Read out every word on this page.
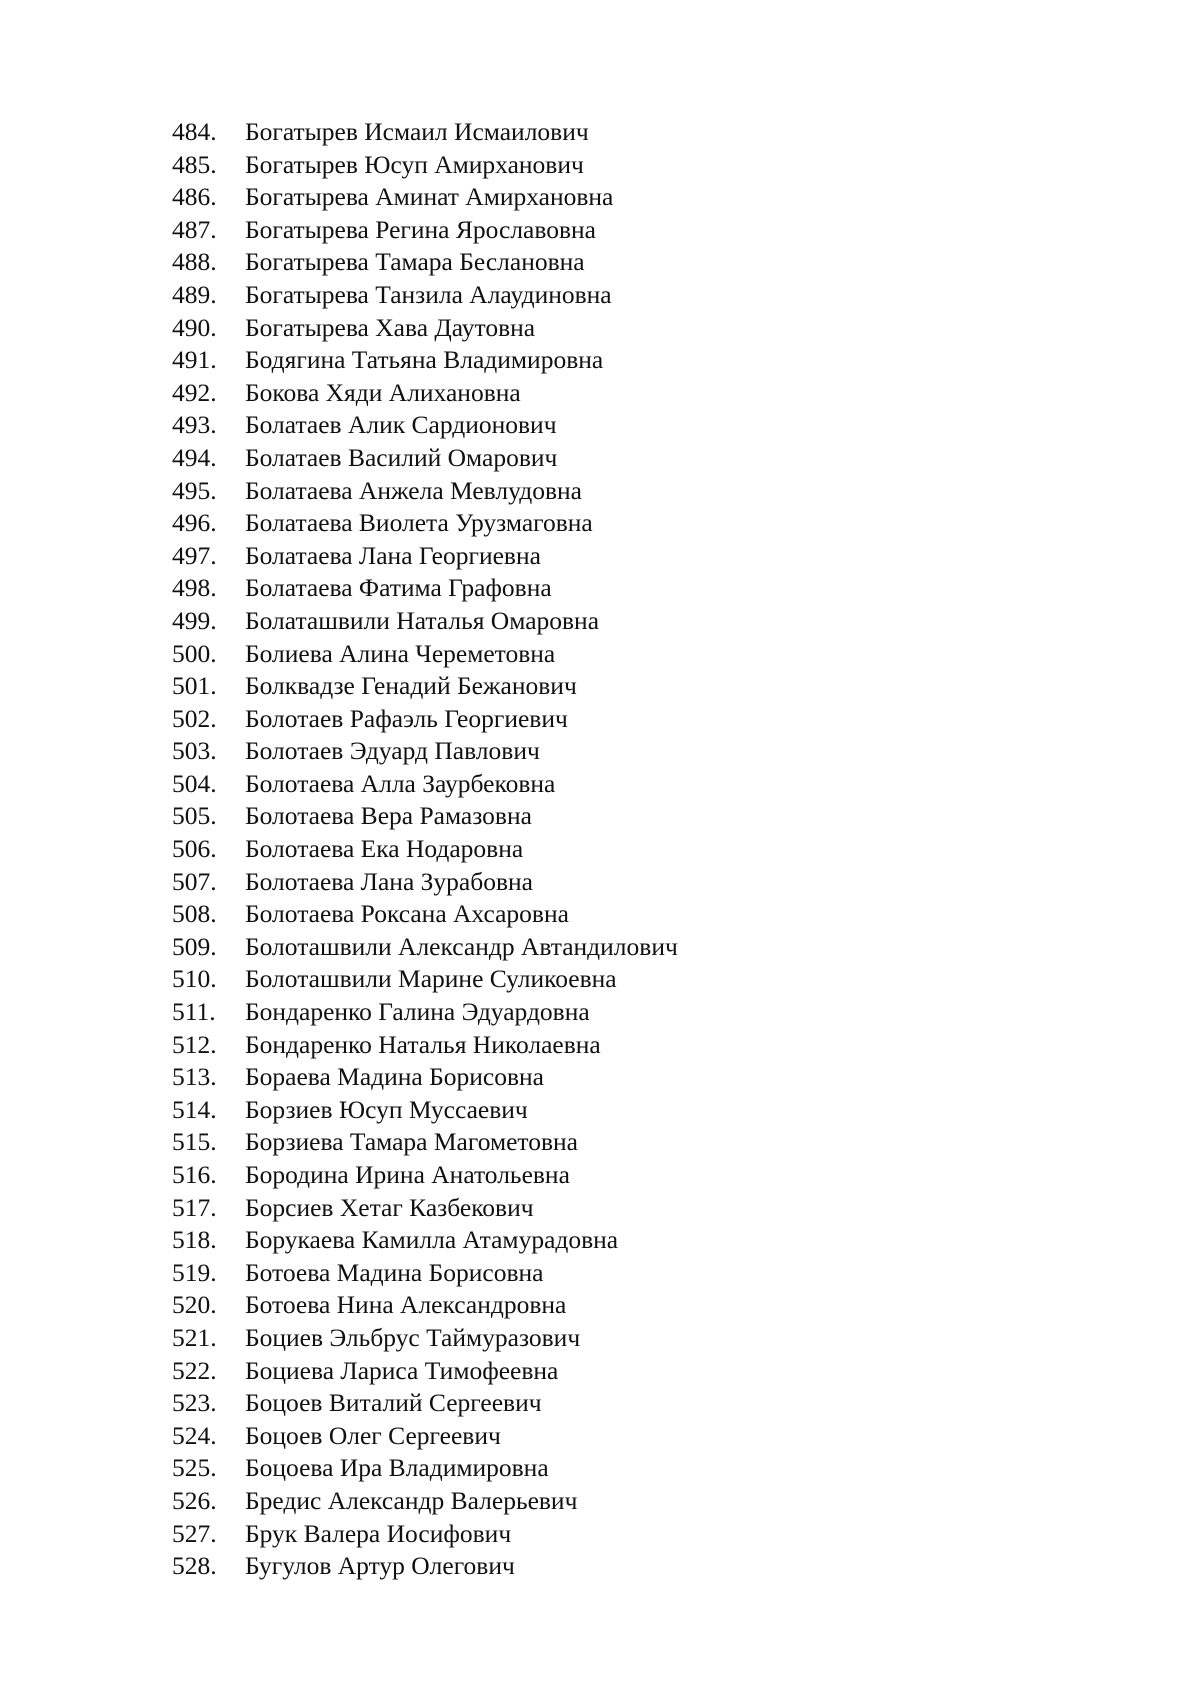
484. Богатырев Исмаил Исмаилович
485. Богатырев Юсуп Амирханович
486. Богатырева Аминат Амирхановна
487. Богатырева Регина Ярославовна
488. Богатырева Тамара Беслановна
489. Богатырева Танзила Алаудиновна
490. Богатырева Хава Даутовна
491. Бодягина Татьяна Владимировна
492. Бокова Хяди Алихановна
493. Болатаев Алик Сардионович
494. Болатаев Василий Омарович
495. Болатаева Анжела Мевлудовна
496. Болатаева Виолета Урузмаговна
497. Болатаева Лана Георгиевна
498. Болатаева Фатима Графовна
499. Болаташвили Наталья Омаровна
500. Болиева Алина Череметовна
501. Болквадзе Генадий Бежанович
502. Болотаев Рафаэль Георгиевич
503. Болотаев Эдуард Павлович
504. Болотаева Алла Заурбековна
505. Болотаева Вера Рамазовна
506. Болотаева Ека Нодаровна
507. Болотаева Лана Зурабовна
508. Болотаева Роксана Ахсаровна
509. Болоташвили Александр Автандилович
510. Болоташвили Марине Суликоевна
511. Бондаренко Галина Эдуардовна
512. Бондаренко Наталья Николаевна
513. Бораева Мадина Борисовна
514. Борзиев Юсуп Муссаевич
515. Борзиева Тамара Магометовна
516. Бородина Ирина Анатольевна
517. Борсиев Хетаг Казбекович
518. Борукаева Камилла Атамурадовна
519. Ботоева Мадина Борисовна
520. Ботоева Нина Александровна
521. Боциев Эльбрус Таймуразович
522. Боциева Лариса Тимофеевна
523. Боцоев Виталий Сергеевич
524. Боцоев Олег Сергеевич
525. Боцоева Ира Владимировна
526. Бредис Александр Валерьевич
527. Брук Валера Иосифович
528. Бугулов Артур Олегович
